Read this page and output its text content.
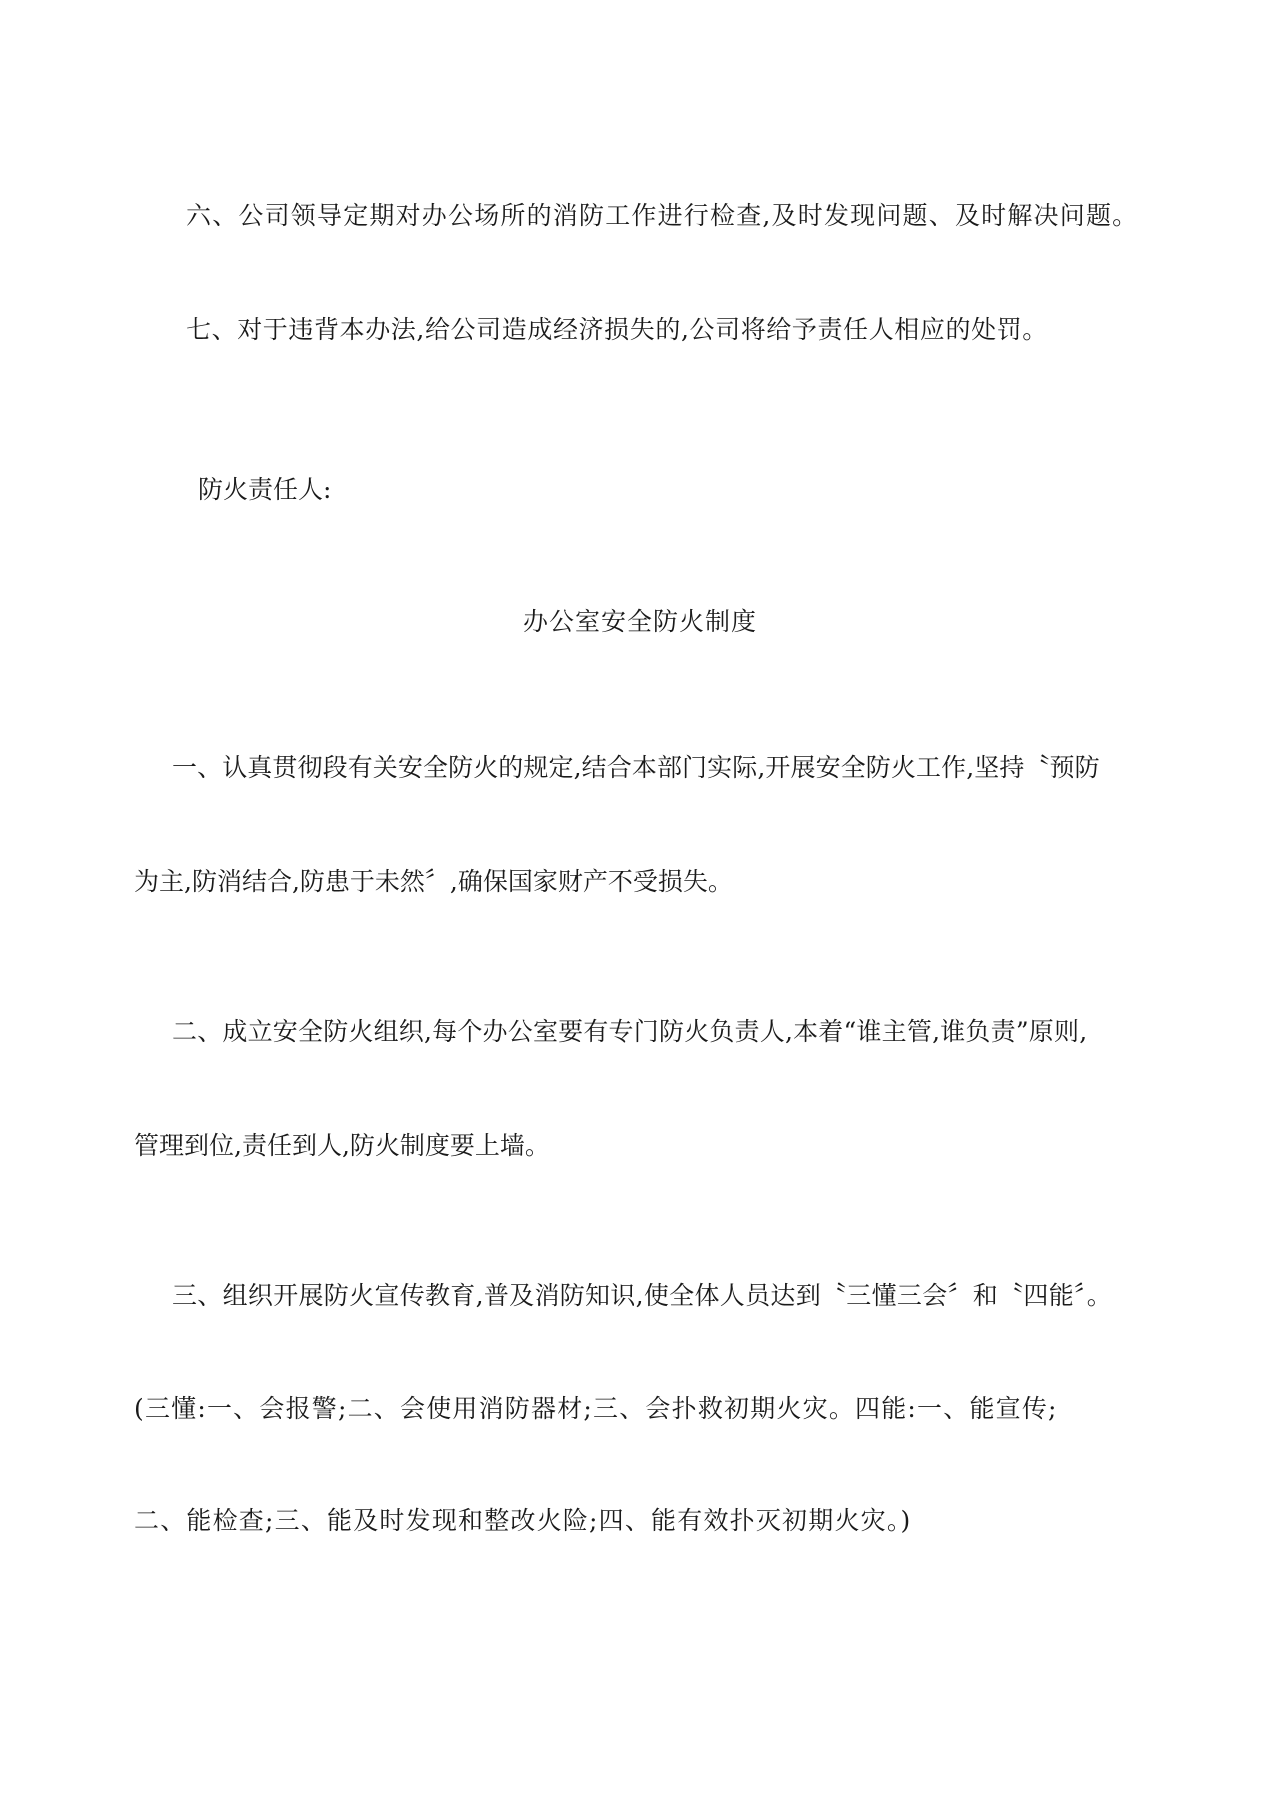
六、公司领导定期对办公场所的消防工作进行检查,及时发现问题、及时解决问题。

七、对于违背本办法,给公司造成经济损失的,公司将给予责任人相应的处罚。

防火责任人:

办公室安全防火制度

一、认真贯彻段有关安全防火的规定,结合本部门实际,开展安全防火工作,坚持〝预防

为主,防消结合,防患于未然〞,确保国家财产不受损失。

二、成立安全防火组织,每个办公室要有专门防火负责人,本着“谁主管,谁负责”原则,

管理到位,责任到人,防火制度要上墙。

三、组织开展防火宣传教育,普及消防知识,使全体人员达到〝三懂三会〞和〝四能〞。

(三懂:一、会报警;二、会使用消防器材;三、会扑救初期火灾。四能:一、能宣传;

二、能检查;三、能及时发现和整改火险;四、能有效扑灭初期火灾。)
